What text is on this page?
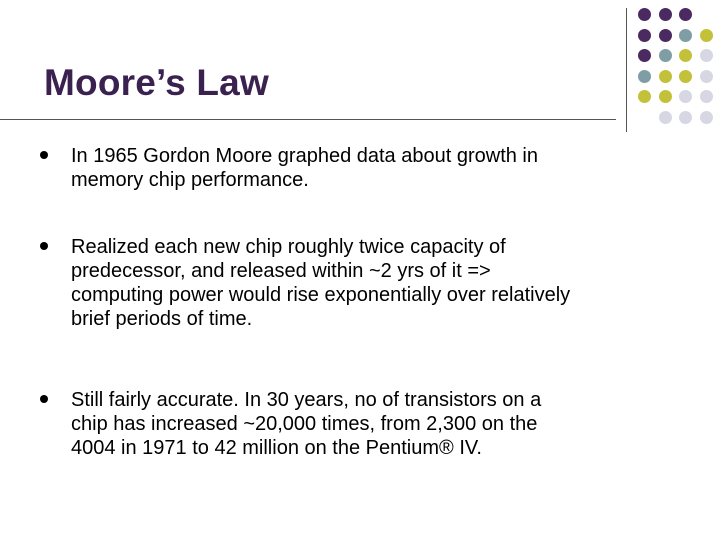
Moore’s Law
In 1965 Gordon Moore graphed data about growth in
memory chip performance.
Realized each new chip roughly twice capacity of
predecessor, and released within ~2 yrs of it =>
computing power would rise exponentially over relatively
brief periods of time.
Still fairly accurate. In 30 years, no of transistors on a
chip has increased ~20,000 times, from 2,300 on the
4004 in 1971 to 42 million on the Pentium® IV.
